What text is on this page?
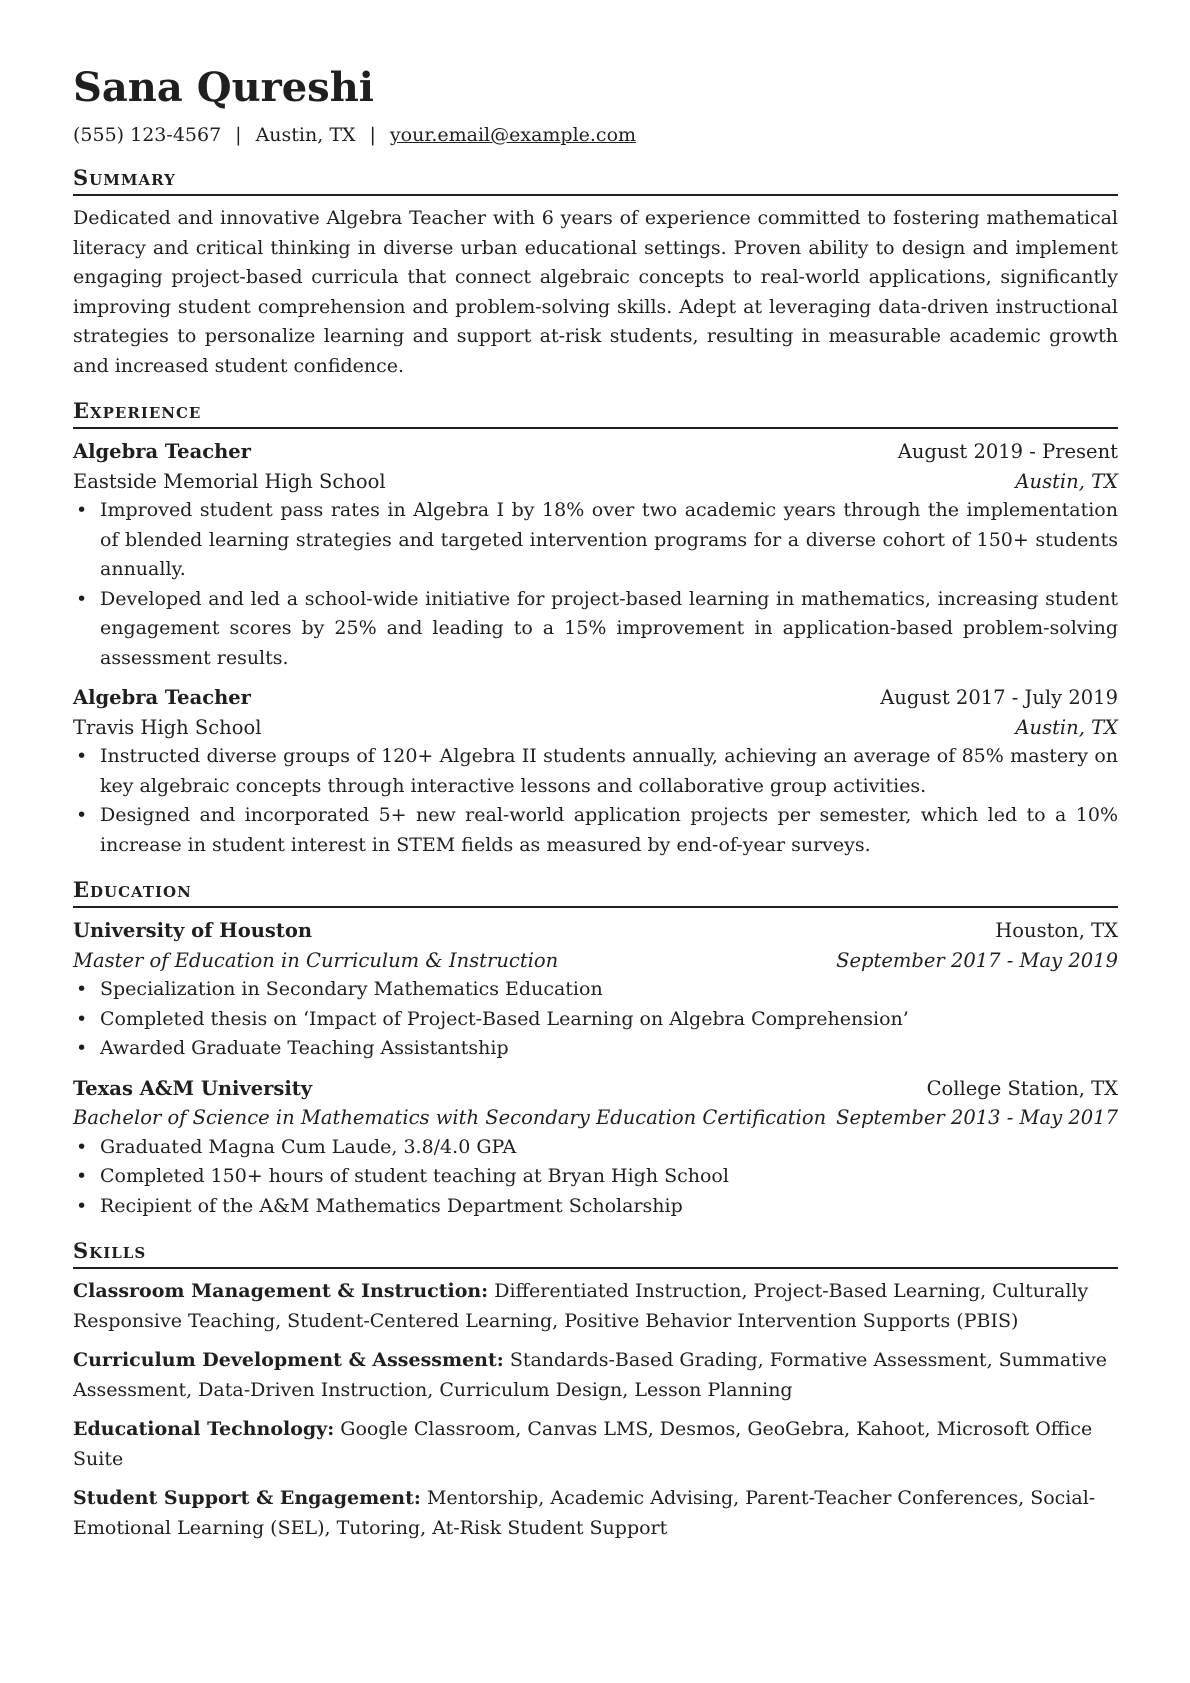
Sana Qureshi
(555) 123-4567 | Austin, TX | your.email@example.com
Summary
Dedicated and innovative Algebra Teacher with 6 years of experience committed to fostering mathematical literacy and critical thinking in diverse urban educational settings. Proven ability to design and implement engaging project-based curricula that connect algebraic concepts to real-world applications, significantly improving student comprehension and problem-solving skills. Adept at leveraging data-driven instructional strategies to personalize learning and support at-risk students, resulting in measurable academic growth and increased student confidence.
Experience
Algebra Teacher	August 2019 - Present
Eastside Memorial High School	Austin, TX
• Improved student pass rates in Algebra I by 18% over two academic years through the implementation of blended learning strategies and targeted intervention programs for a diverse cohort of 150+ students annually.
• Developed and led a school-wide initiative for project-based learning in mathematics, increasing student engagement scores by 25% and leading to a 15% improvement in application-based problem-solving assessment results.
Algebra Teacher	August 2017 - July 2019
Travis High School	Austin, TX
• Instructed diverse groups of 120+ Algebra II students annually, achieving an average of 85% mastery on key algebraic concepts through interactive lessons and collaborative group activities.
• Designed and incorporated 5+ new real-world application projects per semester, which led to a 10% increase in student interest in STEM fields as measured by end-of-year surveys.
Education
University of Houston	Houston, TX
Master of Education in Curriculum & Instruction	September 2017 - May 2019
• Specialization in Secondary Mathematics Education
• Completed thesis on ‘Impact of Project-Based Learning on Algebra Comprehension’
• Awarded Graduate Teaching Assistantship
Texas A&M University	College Station, TX
Bachelor of Science in Mathematics with Secondary Education Certification September 2013 - May 2017
• Graduated Magna Cum Laude, 3.8/4.0 GPA
• Completed 150+ hours of student teaching at Bryan High School
• Recipient of the A&M Mathematics Department Scholarship
Skills
Classroom Management & Instruction: Differentiated Instruction, Project-Based Learning, Culturally Responsive Teaching, Student-Centered Learning, Positive Behavior Intervention Supports (PBIS)
Curriculum Development & Assessment: Standards-Based Grading, Formative Assessment, Summative Assessment, Data-Driven Instruction, Curriculum Design, Lesson Planning
Educational Technology: Google Classroom, Canvas LMS, Desmos, GeoGebra, Kahoot, Microsoft Office Suite
Student Support & Engagement: Mentorship, Academic Advising, Parent-Teacher Conferences, Social-Emotional Learning (SEL), Tutoring, At-Risk Student Support
